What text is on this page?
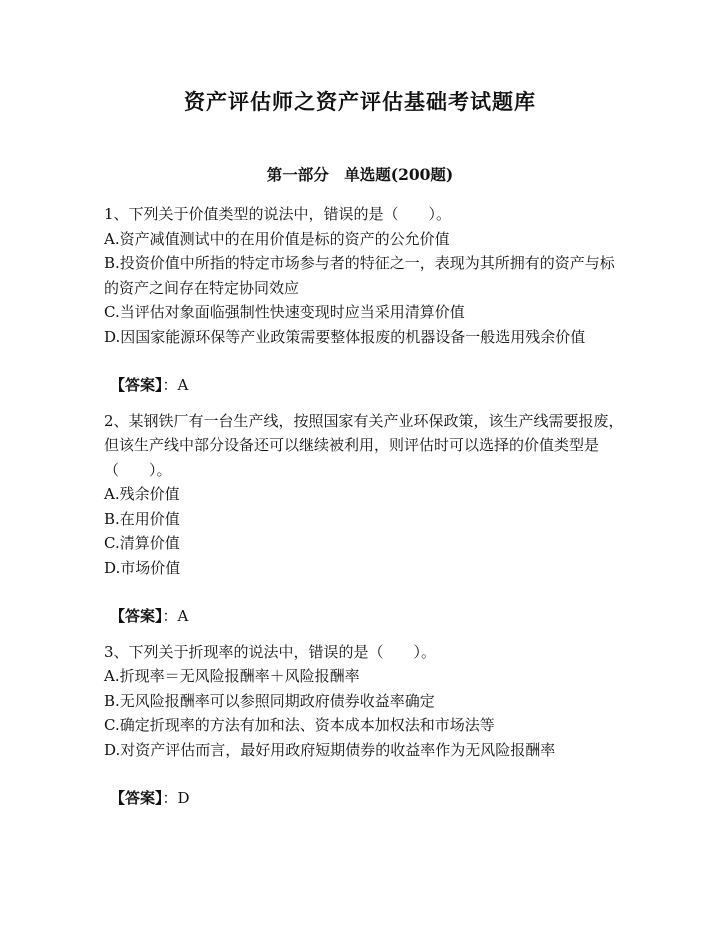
资产评估师之资产评估基础考试题库
第一部分　单选题(200题)

1、下列关于价值类型的说法中，错误的是（　　）。

A.资产减值测试中的在用价值是标的资产的公允价值
B.投资价值中所指的特定市场参与者的特征之一，表现为其所拥有的资产与标的资产之间存在特定协同效应
C.当评估对象面临强制性快速变现时应当采用清算价值
D.因国家能源环保等产业政策需要整体报废的机器设备一般选用残余价值
【答案】：A

2、某钢铁厂有一台生产线，按照国家有关产业环保政策，该生产线需要报废，但该生产线中部分设备还可以继续被利用，则评估时可以选择的价值类型是（　　）。

A.残余价值
B.在用价值
C.清算价值
D.市场价值
【答案】：A

3、下列关于折现率的说法中，错误的是（　　）。

A.折现率＝无风险报酬率＋风险报酬率
B.无风险报酬率可以参照同期政府债券收益率确定
C.确定折现率的方法有加和法、资本成本加权法和市场法等
D.对资产评估而言，最好用政府短期债券的收益率作为无风险报酬率
【答案】：D
